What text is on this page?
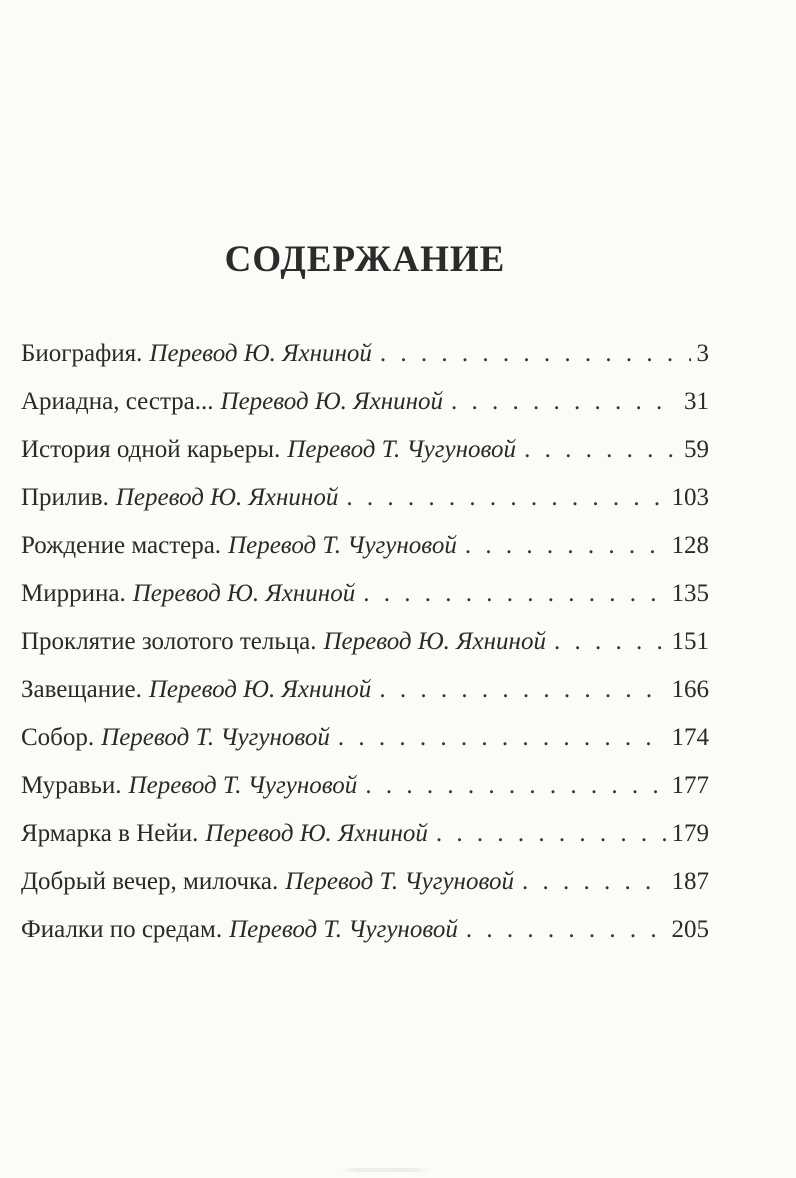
СОДЕРЖАНИЕ
Биография. Перевод Ю. Яхниной . . .	3
Ариадна, сестра... Перевод Ю. Яхниной . . .	31
История одной карьеры. Перевод Т. Чугуновой . . .	59
Прилив. Перевод Ю. Яхниной . . .	103
Рождение мастера. Перевод Т. Чугуновой . . .	128
Миррина. Перевод Ю. Яхниной . . .	135
Проклятие золотого тельца. Перевод Ю. Яхниной . . .	151
Завещание. Перевод Ю. Яхниной . . .	166
Собор. Перевод Т. Чугуновой . . .	174
Муравьи. Перевод Т. Чугуновой . . .	177
Ярмарка в Нейи. Перевод Ю. Яхниной . . .	179
Добрый вечер, милочка. Перевод Т. Чугуновой . . .	187
Фиалки по средам. Перевод Т. Чугуновой . . .	205
